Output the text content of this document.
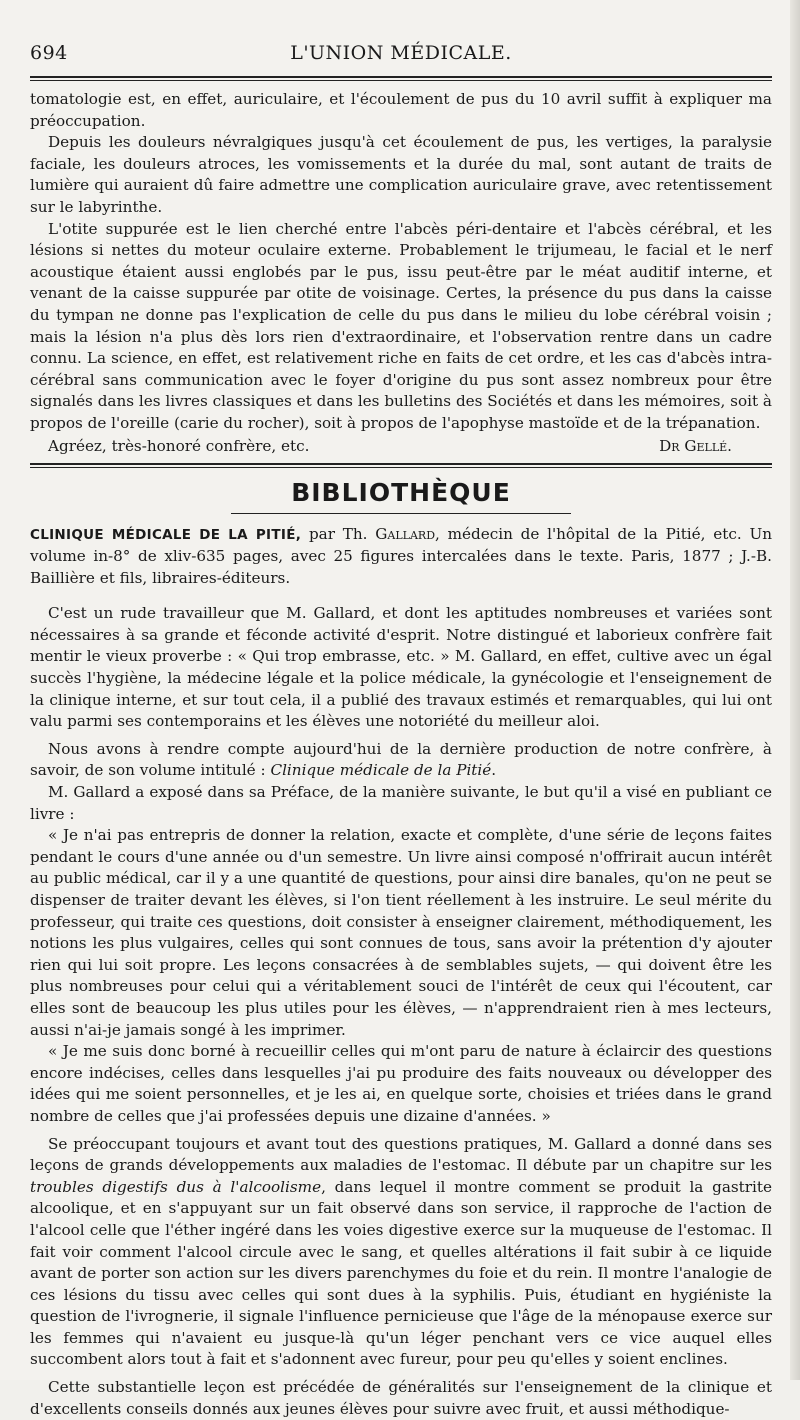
694	L'UNION MÉDICALE.

tomatologie est, en effet, auriculaire, et l'écoulement de pus du 10 avril suffit à expliquer ma préoccupation.

Depuis les douleurs névralgiques jusqu'à cet écoulement de pus, les vertiges, la paralysie faciale, les douleurs atroces, les vomissements et la durée du mal, sont autant de traits de lumière qui auraient dû faire admettre une complication auriculaire grave, avec retentissement sur le labyrinthe.

L'otite suppurée est le lien cherché entre l'abcès péri-dentaire et l'abcès cérébral, et les lésions si nettes du moteur oculaire externe. Probablement le trijumeau, le facial et le nerf acoustique étaient aussi englobés par le pus, issu peut-être par le méat auditif interne, et venant de la caisse suppurée par otite de voisinage. Certes, la présence du pus dans la caisse du tympan ne donne pas l'explication de celle du pus dans le milieu du lobe cérébral voisin ; mais la lésion n'a plus dès lors rien d'extraordinaire, et l'observation rentre dans un cadre connu. La science, en effet, est relativement riche en faits de cet ordre, et les cas d'abcès intra-cérébral sans communication avec le foyer d'origine du pus sont assez nombreux pour être signalés dans les livres classiques et dans les bulletins des Sociétés et dans les mémoires, soit à propos de l'oreille (carie du rocher), soit à propos de l'apophyse mastoïde et de la trépanation.

Agréez, très-honoré confrère, etc.	Dr Gellé.
BIBLIOTHÈQUE
CLINIQUE MÉDICALE DE LA PITIÉ, par Th. Gallard, médecin de l'hôpital de la Pitié, etc. Un volume in-8° de xliv-635 pages, avec 25 figures intercalées dans le texte. Paris, 1877 ; J.-B. Baillière et fils, libraires-éditeurs.

C'est un rude travailleur que M. Gallard, et dont les aptitudes nombreuses et variées sont nécessaires à sa grande et féconde activité d'esprit. Notre distingué et laborieux confrère fait mentir le vieux proverbe : « Qui trop embrasse, etc. » M. Gallard, en effet, cultive avec un égal succès l'hygiène, la médecine légale et la police médicale, la gynécologie et l'enseignement de la clinique interne, et sur tout cela, il a publié des travaux estimés et remarquables, qui lui ont valu parmi ses contemporains et les élèves une notoriété du meilleur aloi.

Nous avons à rendre compte aujourd'hui de la dernière production de notre confrère, à savoir, de son volume intitulé : Clinique médicale de la Pitié.

M. Gallard a exposé dans sa Préface, de la manière suivante, le but qu'il a visé en publiant ce livre :

« Je n'ai pas entrepris de donner la relation, exacte et complète, d'une série de leçons faites pendant le cours d'une année ou d'un semestre. Un livre ainsi composé n'offrirait aucun intérêt au public médical, car il y a une quantité de questions, pour ainsi dire banales, qu'on ne peut se dispenser de traiter devant les élèves, si l'on tient réellement à les instruire. Le seul mérite du professeur, qui traite ces questions, doit consister à enseigner clairement, méthodiquement, les notions les plus vulgaires, celles qui sont connues de tous, sans avoir la prétention d'y ajouter rien qui lui soit propre. Les leçons consacrées à de semblables sujets, — qui doivent être les plus nombreuses pour celui qui a véritablement souci de l'intérêt de ceux qui l'écoutent, car elles sont de beaucoup les plus utiles pour les élèves, — n'apprendraient rien à mes lecteurs, aussi n'ai-je jamais songé à les imprimer.

« Je me suis donc borné à recueillir celles qui m'ont paru de nature à éclaircir des questions encore indécises, celles dans lesquelles j'ai pu produire des faits nouveaux ou développer des idées qui me soient personnelles, et je les ai, en quelque sorte, choisies et triées dans le grand nombre de celles que j'ai professées depuis une dizaine d'années. »

Se préoccupant toujours et avant tout des questions pratiques, M. Gallard a donné dans ses leçons de grands développements aux maladies de l'estomac. Il débute par un chapitre sur les troubles digestifs dus à l'alcoolisme, dans lequel il montre comment se produit la gastrite alcoolique, et en s'appuyant sur un fait observé dans son service, il rapproche de l'action de l'alcool celle que l'éther ingéré dans les voies digestive exerce sur la muqueuse de l'estomac. Il fait voir comment l'alcool circule avec le sang, et quelles altérations il fait subir à ce liquide avant de porter son action sur les divers parenchymes du foie et du rein. Il montre l'analogie de ces lésions du tissu avec celles qui sont dues à la syphilis. Puis, étudiant en hygiéniste la question de l'ivrognerie, il signale l'influence pernicieuse que l'âge de la ménopause exerce sur les femmes qui n'avaient eu jusque-là qu'un léger penchant vers ce vice auquel elles succombent alors tout à fait et s'adonnent avec fureur, pour peu qu'elles y soient enclines.

Cette substantielle leçon est précédée de généralités sur l'enseignement de la clinique et d'excellents conseils donnés aux jeunes élèves pour suivre avec fruit, et aussi méthodique-
